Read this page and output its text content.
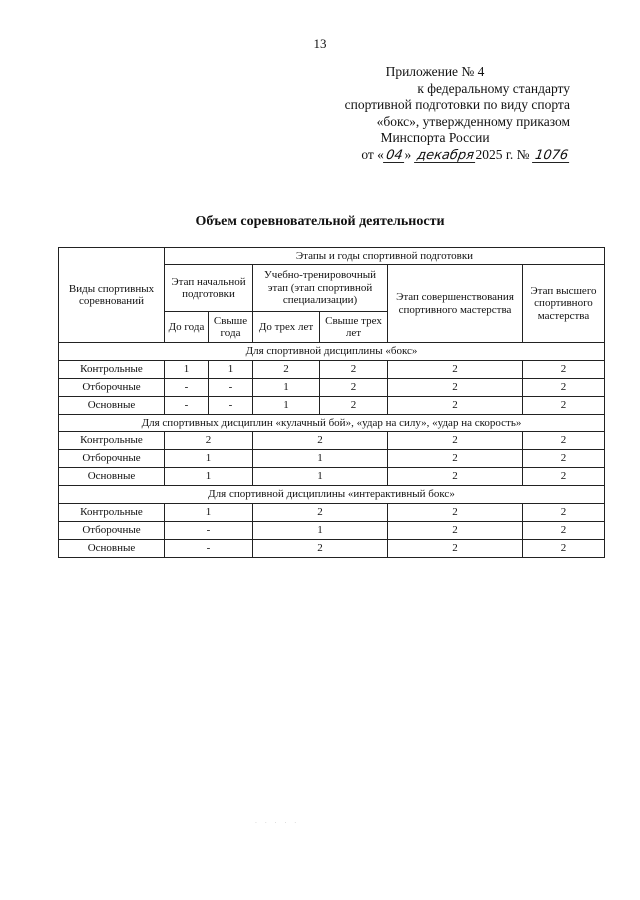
13
Приложение № 4
к федеральному стандарту
спортивной подготовки по виду спорта
«бокс», утвержденному приказом
Минспорта России
от «04» декабря2025 г. № 1076
Объем соревновательной деятельности
Виды спортивных соревнований	Этапы и годы спортивной подготовки					
	Этап начальной подготовки		Учебно-тренировочный этап (этап спортивной специализации)		Этап совершенствования спортивного мастерства	Этап высшего спортивного мастерства
	До года	Свыше года	До трех лет	Свыше трех лет		
Для спортивной дисциплины «бокс»						
Контрольные	1	1	2	2	2	2
Отборочные	-	-	1	2	2	2
Основные	-	-	1	2	2	2
Для спортивных дисциплин «кулачный бой», «удар на силу», «удар на скорость»						
Контрольные	2		2		2	2
Отборочные	1		1		2	2
Основные	1		1		2	2
Для спортивной дисциплины «интерактивный бокс»						
Контрольные	1		2		2	2
Отборочные	-		1		2	2
Основные	-		2		2	2
· · · · ·
